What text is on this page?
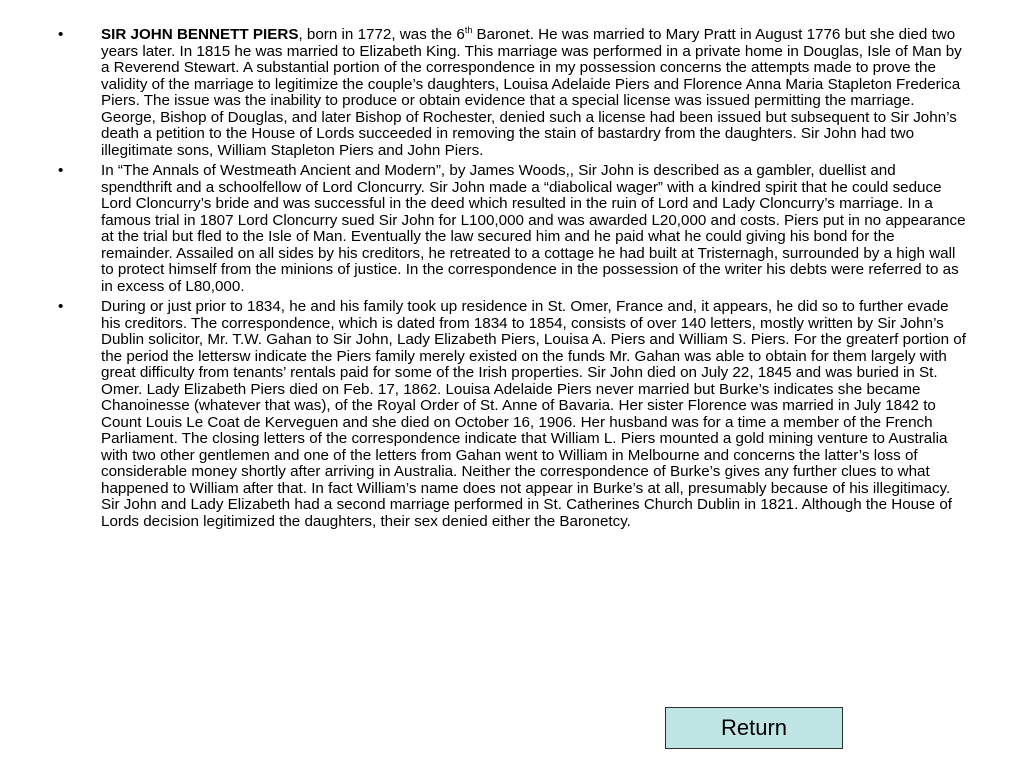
•	SIR JOHN BENNETT PIERS, born in 1772, was the 6th Baronet. He was married to Mary Pratt in August 1776 but she died two years later. In 1815 he was married to Elizabeth King. This marriage was performed in a private home in Douglas, Isle of Man by a Reverend Stewart. A substantial portion of the correspondence in my possession concerns the attempts made to prove the validity of the marriage to legitimize the couple’s daughters, Louisa Adelaide Piers and Florence Anna Maria Stapleton Frederica Piers. The issue was the inability to produce or obtain evidence that a special license was issued permitting the marriage. George, Bishop of Douglas, and later Bishop of Rochester, denied such a license had been issued but subsequent to Sir John’s death a petition to the House of Lords succeeded in removing the stain of bastardry from the daughters. Sir John had two illegitimate sons, William Stapleton Piers and John Piers.
•	In “The Annals of Westmeath Ancient and Modern”, by James Woods,, Sir John is described as a gambler, duellist and spendthrift and a schoolfellow of Lord Cloncurry. Sir John made a “diabolical wager” with a kindred spirit that he could seduce Lord Cloncurry’s bride and was successful in the deed which resulted in the ruin of Lord and Lady Cloncurry’s marriage. In a famous trial in 1807 Lord Cloncurry sued Sir John for L100,000 and was awarded L20,000 and costs. Piers put in no appearance at the trial but fled to the Isle of Man. Eventually the law secured him and he paid what he could giving his bond for the remainder. Assailed on all sides by his creditors, he retreated to a cottage he had built at Tristernagh, surrounded by a high wall to protect himself from the minions of justice. In the correspondence in the possession of the writer his debts were referred to as in excess of L80,000.
•	During or just prior to 1834, he and his family took up residence in St. Omer, France and, it appears, he did so to further evade his creditors. The correspondence, which is dated from 1834 to 1854, consists of over 140 letters, mostly written by Sir John’s Dublin solicitor, Mr. T.W. Gahan to Sir John, Lady Elizabeth Piers, Louisa A. Piers and William S. Piers. For the greaterf portion of the period the lettersw indicate the Piers family merely existed on the funds Mr. Gahan was able to obtain for them largely with great difficulty from tenants’ rentals paid for some of the Irish properties. Sir John died on July 22, 1845 and was buried in St. Omer. Lady Elizabeth Piers died on Feb. 17, 1862. Louisa Adelaide Piers never married but Burke’s indicates she became Chanoinesse (whatever that was), of the Royal Order of St. Anne of Bavaria. Her sister Florence was married in July 1842 to Count Louis Le Coat de Kerveguen and she died on October 16, 1906. Her husband was for a time a member of the French Parliament. The closing letters of the correspondence indicate that William L. Piers mounted a gold mining venture to Australia with two other gentlemen and one of the letters from Gahan went to William in Melbourne and concerns the latter’s loss of considerable money shortly after arriving in Australia. Neither the correspondence of Burke’s gives any further clues to what happened to William after that. In fact William’s name does not appear in Burke’s at all, presumably because of his illegitimacy. Sir John and Lady Elizabeth had a second marriage performed in St. Catherines Church Dublin in 1821. Although the House of Lords decision legitimized the daughters, their sex denied either the Baronetcy.
Return
